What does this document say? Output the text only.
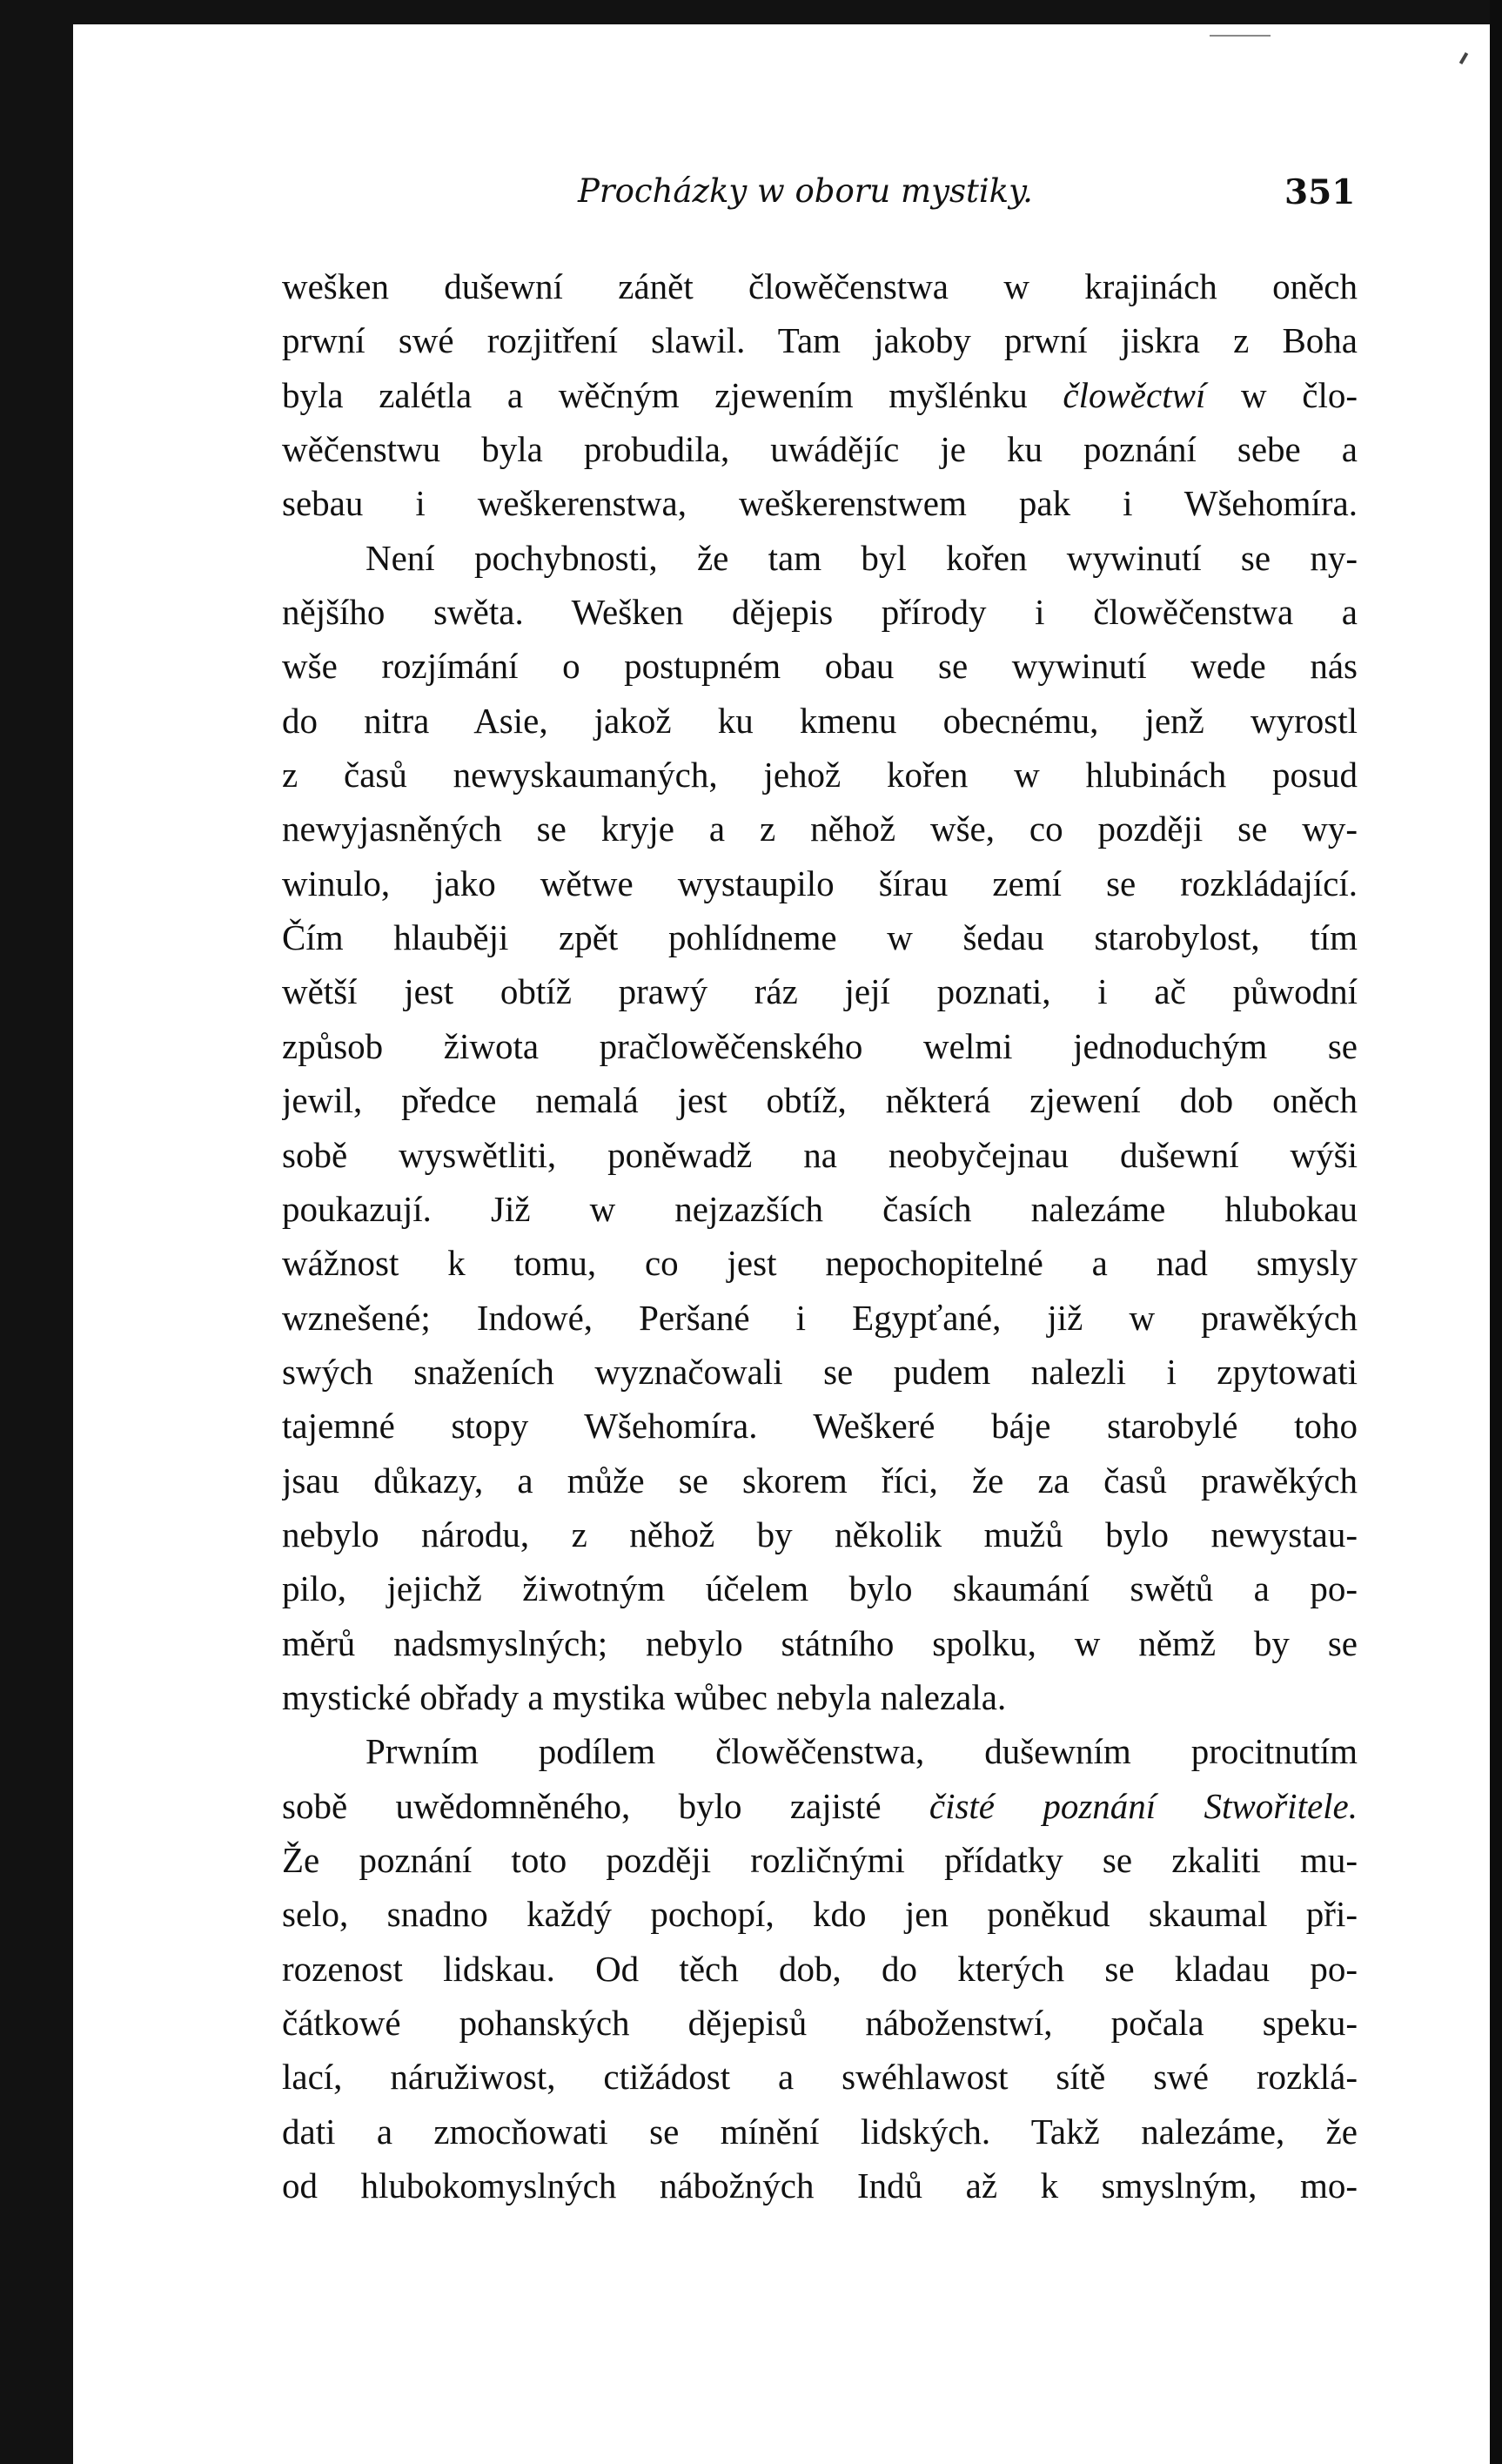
Procházky w oboru mystiky.	351
wešken dušewní zánět člowěčenstwa w krajinách oněch
prwní swé rozjitření slawil. Tam jakoby prwní jiskra z Boha
byla zalétla a wěčným zjewením myšlénku člowěctwí w člo-
wěčenstwu byla probudila, uwádějíc je ku poznání sebe a
sebau i weškerenstwa, weškerenstwem pak i Wšehomíra.
Není pochybnosti, že tam byl kořen wywinutí se ny-
nějšího swěta. Wešken dějepis přírody i člowěčenstwa a
wše rozjímání o postupném obau se wywinutí wede nás
do nitra Asie, jakož ku kmenu obecnému, jenž wyrostl
z časů newyskaumaných, jehož kořen w hlubinách posud
newyjasněných se kryje a z něhož wše, co později se wy-
winulo, jako wětwe wystaupilo šírau zemí se rozkládající.
Čím hlauběji zpět pohlídneme w šedau starobylost, tím
wětší jest obtíž prawý ráz její poznati, i ač půwodní
způsob žiwota pračlowěčenského welmi jednoduchým se
jewil, předce nemalá jest obtíž, některá zjewení dob oněch
sobě wyswětliti, poněwadž na neobyčejnau dušewní wýši
poukazují. Již w nejzazších časích nalezáme hlubokau
wážnost k tomu, co jest nepochopitelné a nad smysly
wznešené; Indowé, Peršané i Egypťané, již w prawěkých
swých snaženích wyznačowali se pudem nalezli i zpytowati
tajemné stopy Wšehomíra. Weškeré báje starobylé toho
jsau důkazy, a může se skorem říci, že za časů prawěkých
nebylo národu, z něhož by několik mužů bylo newystau-
pilo, jejichž žiwotným účelem bylo skaumání swětů a po-
měrů nadsmyslných; nebylo státního spolku, w němž by se
mystické obřady a mystika wůbec nebyla nalezala.
Prwním podílem člowěčenstwa, dušewním procitnutím
sobě uwědomněného, bylo zajisté čisté poznání Stwořitele.
Že poznání toto později rozličnými přídatky se zkaliti mu-
selo, snadno každý pochopí, kdo jen poněkud skaumal při-
rozenost lidskau. Od těch dob, do kterých se kladau po-
čátkowé pohanských dějepisů náboženstwí, počala speku-
lací, náružiwost, ctižádost a swéhlawost sítě swé rozklá-
dati a zmocňowati se mínění lidských. Takž nalezáme, že
od hlubokomyslných nábožných Indů až k smyslným, mo-
